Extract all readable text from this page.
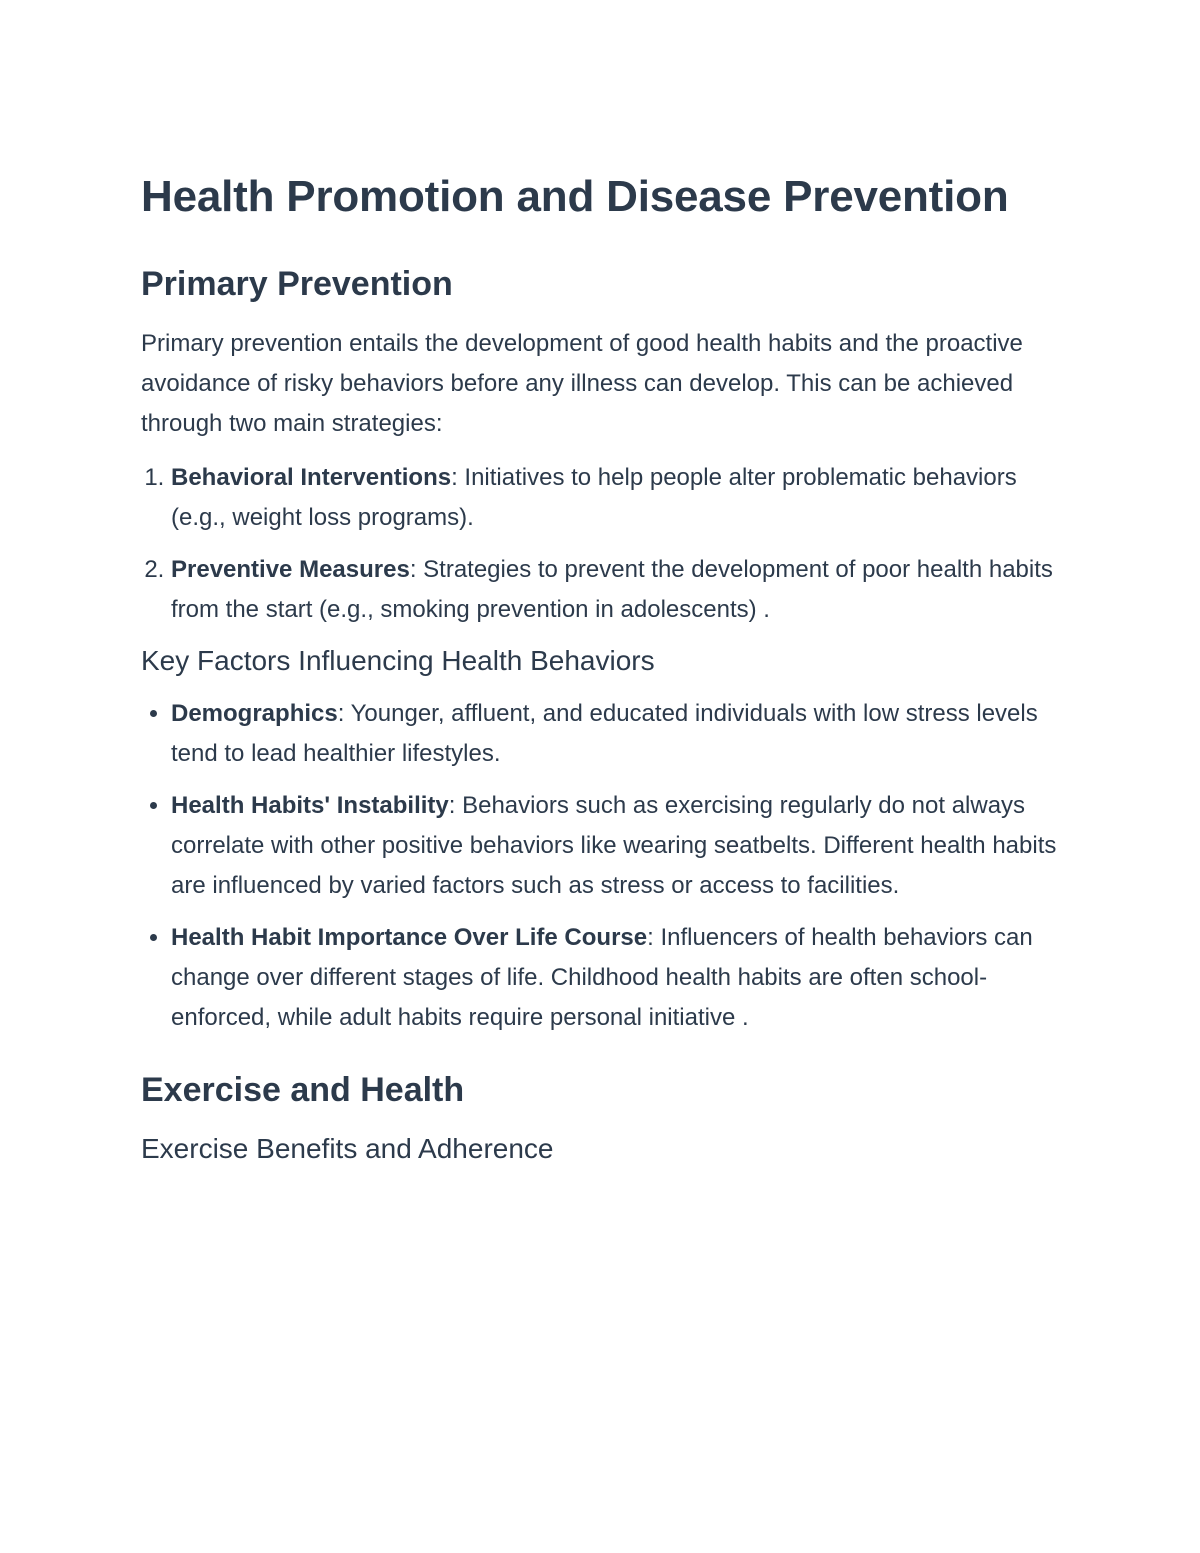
Health Promotion and Disease Prevention
Primary Prevention

Primary prevention entails the development of good health habits and the proactive avoidance of risky behaviors before any illness can develop. This can be achieved through two main strategies:

1. Behavioral Interventions: Initiatives to help people alter problematic behaviors (e.g., weight loss programs).
2. Preventive Measures: Strategies to prevent the development of poor health habits from the start (e.g., smoking prevention in adolescents) .
Key Factors Influencing Health Behaviors
• Demographics: Younger, affluent, and educated individuals with low stress levels tend to lead healthier lifestyles.
• Health Habits' Instability: Behaviors such as exercising regularly do not always correlate with other positive behaviors like wearing seatbelts. Different health habits are influenced by varied factors such as stress or access to facilities.
• Health Habit Importance Over Life Course: Influencers of health behaviors can change over different stages of life. Childhood health habits are often school-enforced, while adult habits require personal initiative .
Exercise and Health
Exercise Benefits and Adherence
